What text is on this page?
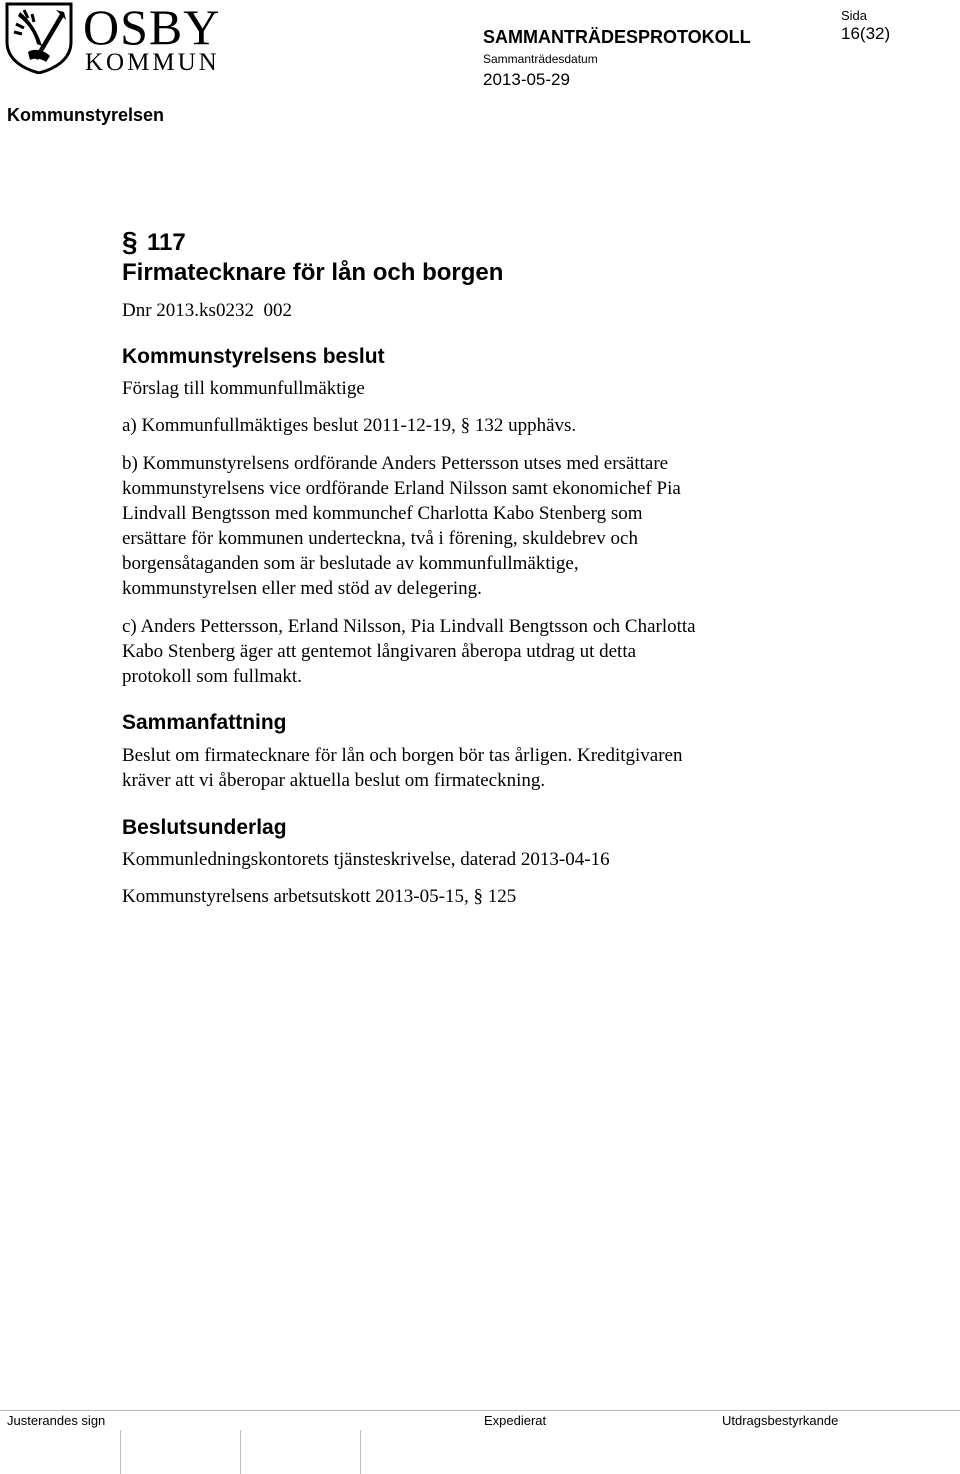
OSBY
KOMMUN
Kommunstyrelsen
SAMMANTRÄDESPROTOKOLL
Sammanträdesdatum
2013-05-29
Sida
16(32)
§ 117
Firmatecknare för lån och borgen
Dnr 2013.ks0232  002
Kommunstyrelsens beslut
Förslag till kommunfullmäktige
a) Kommunfullmäktiges beslut 2011-12-19, § 132 upphävs.
b) Kommunstyrelsens ordförande Anders Pettersson utses med ersättare
kommunstyrelsens vice ordförande Erland Nilsson samt ekonomichef Pia
Lindvall Bengtsson med kommunchef Charlotta Kabo Stenberg som
ersättare för kommunen underteckna, två i förening, skuldebrev och
borgensåtaganden som är beslutade av kommunfullmäktige,
kommunstyrelsen eller med stöd av delegering.
c) Anders Pettersson, Erland Nilsson, Pia Lindvall Bengtsson och Charlotta
Kabo Stenberg äger att gentemot långivaren åberopa utdrag ut detta
protokoll som fullmakt.
Sammanfattning
Beslut om firmatecknare för lån och borgen bör tas årligen. Kreditgivaren
kräver att vi åberopar aktuella beslut om firmateckning.
Beslutsunderlag
Kommunledningskontorets tjänsteskrivelse, daterad 2013-04-16
Kommunstyrelsens arbetsutskott 2013-05-15, § 125
Justerandes sign	Expedierat	Utdragsbestyrkande
